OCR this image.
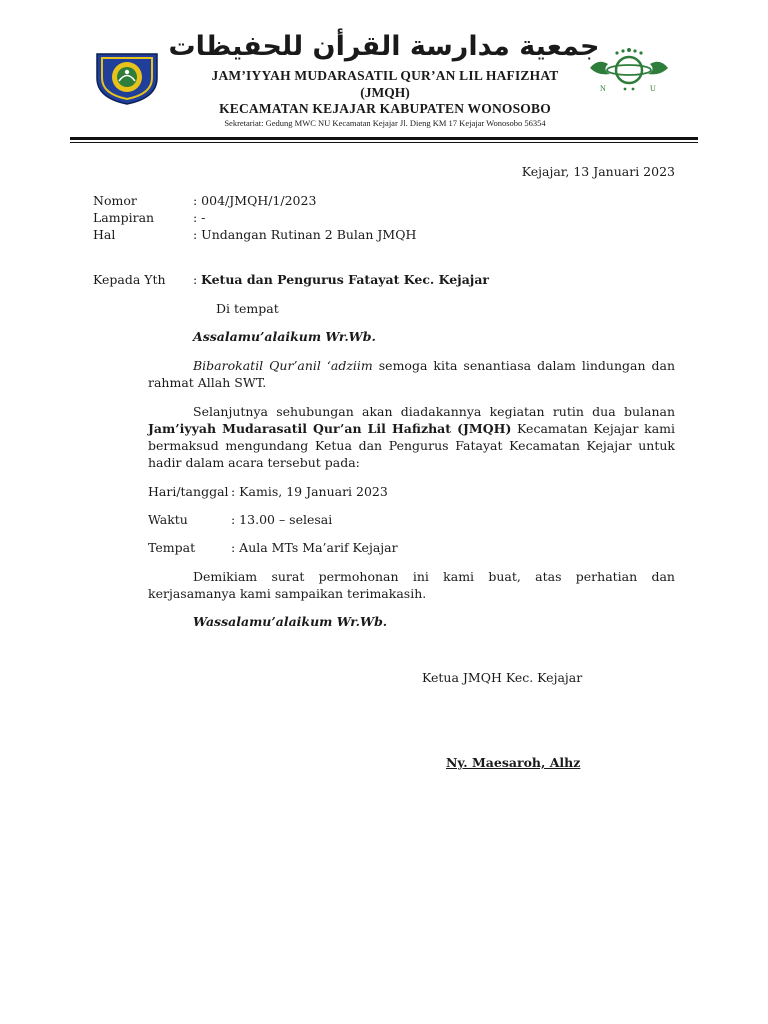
جمعية مدارسة القرأن للحفيظات
JAM’IYYAH MUDARASATIL QUR’AN LIL HAFIZHAT
(JMQH)
KECAMATAN KEJAJAR KABUPATEN WONOSOBO
Sekretariat: Gedung MWC NU Kecamatan Kejajar Jl. Dieng KM 17 Kejajar Wonosobo 56354
N	U
Kejajar, 13 Januari 2023
Nomor	: 004/JMQH/1/2023
Lampiran	: -
Hal	: Undangan Rutinan 2 Bulan JMQH
Kepada Yth : Ketua dan Pengurus Fatayat Kec. Kejajar
Di tempat
Assalamu’alaikum Wr.Wb.
Bibarokatil Qur’anil ‘adziim semoga kita senantiasa dalam lindungan dan rahmat Allah SWT.
Selanjutnya sehubungan akan diadakannya kegiatan rutin dua bulanan Jam’iyyah Mudarasatil Qur’an Lil Hafizhat (JMQH) Kecamatan Kejajar kami bermaksud mengundang Ketua dan Pengurus Fatayat Kecamatan Kejajar untuk hadir dalam acara tersebut pada:
Hari/tanggal : Kamis, 19 Januari 2023
Waktu	: 13.00 – selesai
Tempat	: Aula MTs Ma’arif Kejajar
Demikiam surat permohonan ini kami buat, atas perhatian dan kerjasamanya kami sampaikan terimakasih.
Wassalamu’alaikum Wr.Wb.
Ketua JMQH Kec. Kejajar
Ny. Maesaroh, Alhz
